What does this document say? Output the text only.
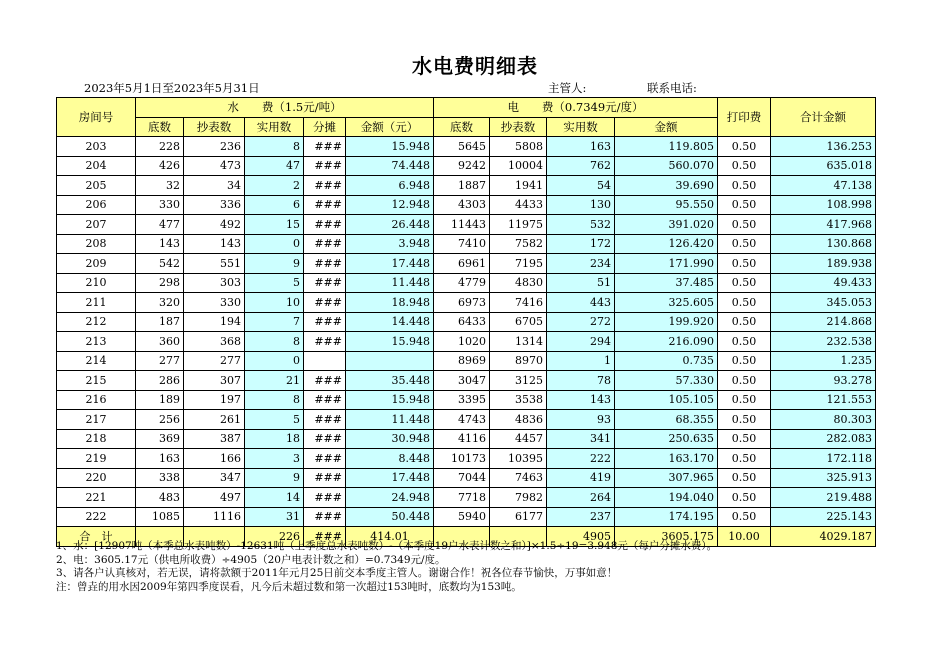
水电费明细表
2023年5月1日至2023年5月31日	主管人:	联系电话:
房间号	水　　费（1.5元/吨）					电　　费（0.7349元/度）				打印费	合计金额
	底数	抄表数	实用数	分摊	金额（元）	底数	抄表数	实用数	金额		
203	228	236	8	###	15.948	5645	5808	163	119.805	0.50	136.253
204	426	473	47	###	74.448	9242	10004	762	560.070	0.50	635.018
205	32	34	2	###	6.948	1887	1941	54	39.690	0.50	47.138
206	330	336	6	###	12.948	4303	4433	130	95.550	0.50	108.998
207	477	492	15	###	26.448	11443	11975	532	391.020	0.50	417.968
208	143	143	0	###	3.948	7410	7582	172	126.420	0.50	130.868
209	542	551	9	###	17.448	6961	7195	234	171.990	0.50	189.938
210	298	303	5	###	11.448	4779	4830	51	37.485	0.50	49.433
211	320	330	10	###	18.948	6973	7416	443	325.605	0.50	345.053
212	187	194	7	###	14.448	6433	6705	272	199.920	0.50	214.868
213	360	368	8	###	15.948	1020	1314	294	216.090	0.50	232.538
214	277	277	0			8969	8970	1	0.735	0.50	1.235
215	286	307	21	###	35.448	3047	3125	78	57.330	0.50	93.278
216	189	197	8	###	15.948	3395	3538	143	105.105	0.50	121.553
217	256	261	5	###	11.448	4743	4836	93	68.355	0.50	80.303
218	369	387	18	###	30.948	4116	4457	341	250.635	0.50	282.083
219	163	166	3	###	8.448	10173	10395	222	163.170	0.50	172.118
220	338	347	9	###	17.448	7044	7463	419	307.965	0.50	325.913
221	483	497	14	###	24.948	7718	7982	264	194.040	0.50	219.488
222	1085	1116	31	###	50.448	5940	6177	237	174.195	0.50	225.143
合　计			226	###	414.01			4905	3605.175	10.00	4029.187
1、水：[12907吨（本季总水表吨数）-12631吨（上季度总水表吨数）-（本季度19户水表计数之和）]×1.5÷19=3.948元（每户分摊水费）。
2、电：3605.17元（供电所收费）÷4905（20户电表计数之和）=0.7349元/度。
3、请各户认真核对，若无误，请将款额于2011年元月25日前交本季度主管人。谢谢合作！祝各位春节愉快，万事如意！
注：曾垚的用水因2009年第四季度误看，凡今后未超过数和第一次超过153吨时，底数均为153吨。
